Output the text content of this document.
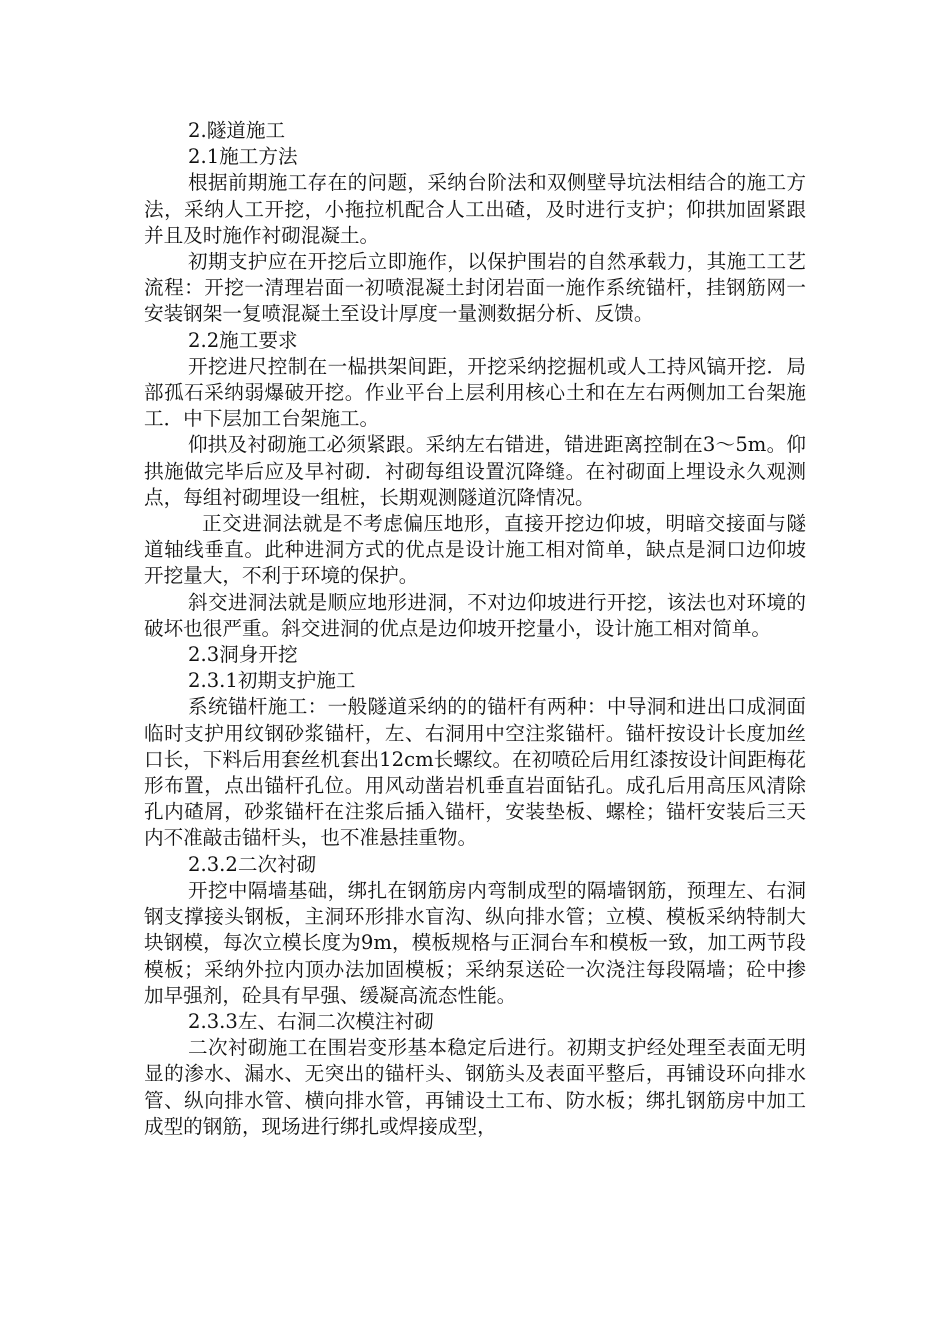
2.隧道施工

2.1施工方法

根据前期施工存在的问题，采纳台阶法和双侧壁导坑法相结合的施工方法，采纳人工开挖，小拖拉机配合人工出碴，及时进行支护；仰拱加固紧跟并且及时施作衬砌混凝土。

初期支护应在开挖后立即施作，以保护围岩的自然承载力，其施工工艺流程：开挖一清理岩面一初喷混凝土封闭岩面一施作系统锚杆，挂钢筋网一安装钢架一复喷混凝土至设计厚度一量测数据分析、反馈。

2.2施工要求

开挖进尺控制在一榀拱架间距，开挖采纳挖掘机或人工持风镐开挖．局部孤石采纳弱爆破开挖。作业平台上层利用核心土和在左右两侧加工台架施工．中下层加工台架施工。

仰拱及衬砌施工必须紧跟。采纳左右错进，错进距离控制在3～5m。仰拱施做完毕后应及早衬砌．衬砌每组设置沉降缝。在衬砌面上埋设永久观测点，每组衬砌埋设一组桩，长期观测隧道沉降情况。

正交进洞法就是不考虑偏压地形，直接开挖边仰坡，明暗交接面与隧道轴线垂直。此种进洞方式的优点是设计施工相对简单，缺点是洞口边仰坡开挖量大，不利于环境的保护。

斜交进洞法就是顺应地形进洞，不对边仰坡进行开挖，该法也对环境的破坏也很严重。斜交进洞的优点是边仰坡开挖量小，设计施工相对简单。

2.3洞身开挖

2.3.1初期支护施工

系统锚杆施工：一般隧道采纳的的锚杆有两种：中导洞和进出口成洞面临时支护用纹钢砂浆锚杆，左、右洞用中空注浆锚杆。锚杆按设计长度加丝口长，下料后用套丝机套出12cm长螺纹。在初喷砼后用红漆按设计间距梅花形布置，点出锚杆孔位。用风动凿岩机垂直岩面钻孔。成孔后用高压风清除孔内碴屑，砂浆锚杆在注浆后插入锚杆，安装垫板、螺栓；锚杆安装后三天内不准敲击锚杆头，也不准悬挂重物。

2.3.2二次衬砌

开挖中隔墙基础，绑扎在钢筋房内弯制成型的隔墙钢筋，预理左、右洞钢支撑接头钢板，主洞环形排水盲沟、纵向排水管；立模、模板采纳特制大块钢模，每次立模长度为9m，模板规格与正洞台车和模板一致，加工两节段模板；采纳外拉内顶办法加固模板；采纳泵送砼一次浇注每段隔墙；砼中掺加早强剂，砼具有早强、缓凝高流态性能。

2.3.3左、右洞二次模注衬砌

二次衬砌施工在围岩变形基本稳定后进行。初期支护经处理至表面无明显的渗水、漏水、无突出的锚杆头、钢筋头及表面平整后，再铺设环向排水管、纵向排水管、横向排水管，再铺设土工布、防水板；绑扎钢筋房中加工成型的钢筋，现场进行绑扎或焊接成型，
